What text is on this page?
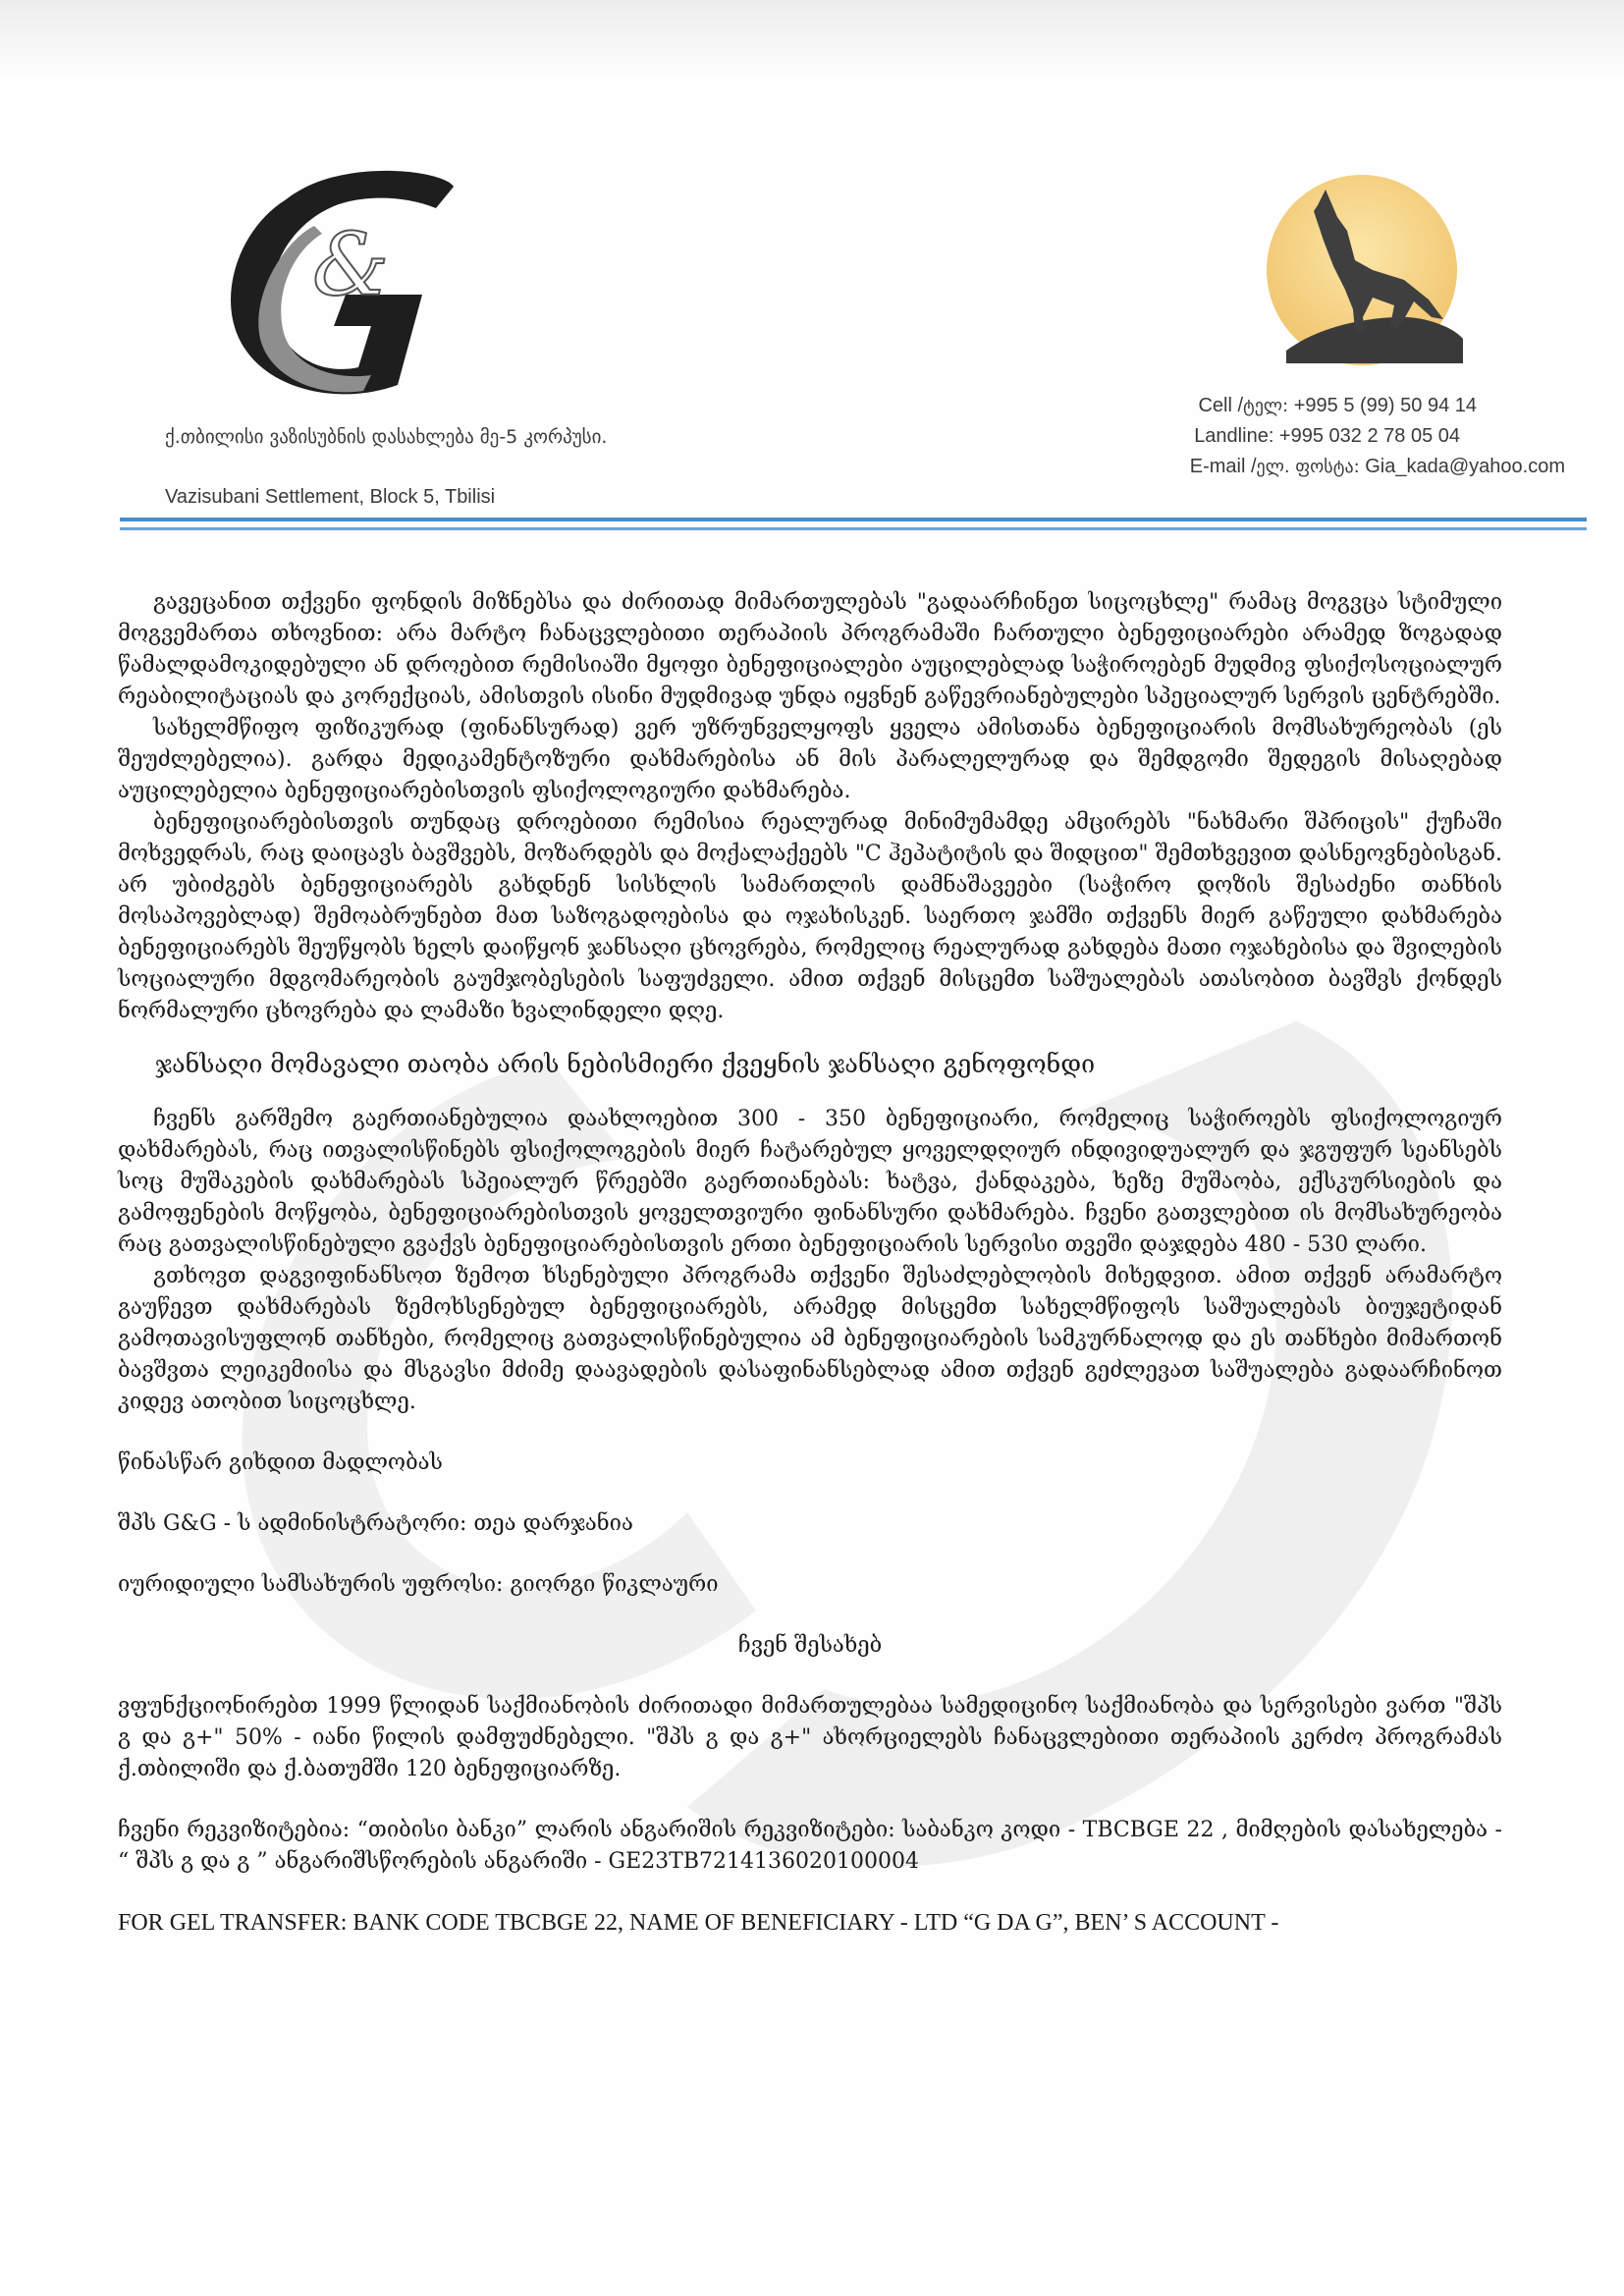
&
ქ.თბილისი ვაზისუბნის დასახლება მე-5 კორპუსი.
Vazisubani Settlement, Block 5, Tbilisi
Cell /ტელ: +995 5 (99) 50 94 14
Landline: +995 032 2 78 05 04
E-mail /ელ. ფოსტა: Gia_kada@yahoo.com

გავეცანით თქვენი ფონდის მიზნებსა და ძირითად მიმართულებას "გადაარჩინეთ სიცოცხლე" რამაც მოგვცა სტიმული მოგვემართა თხოვნით: არა მარტო ჩანაცვლებითი თერაპიის პროგრამაში ჩართული ბენეფიციარები არამედ ზოგადად წამალდამოკიდებული ან დროებით რემისიაში მყოფი ბენეფიციალები აუცილებლად საჭიროებენ მუდმივ ფსიქოსოციალურ რეაბილიტაციას და კორექციას, ამისთვის ისინი მუდმივად უნდა იყვნენ გაწევრიანებულები სპეციალურ სერვის ცენტრებში.

სახელმწიფო ფიზიკურად (ფინანსურად) ვერ უზრუნველყოფს ყველა ამისთანა ბენეფიციარის მომსახურეობას (ეს შეუძლებელია). გარდა მედიკამენტოზური დახმარებისა ან მის პარალელურად და შემდგომი შედეგის მისაღებად აუცილებელია ბენეფიციარებისთვის ფსიქოლოგიური დახმარება.

ბენეფიციარებისთვის თუნდაც დროებითი რემისია რეალურად მინიმუმამდე ამცირებს "ნახმარი შპრიცის" ქუჩაში მოხვედრას, რაც დაიცავს ბავშვებს, მოზარდებს და მოქალაქეებს "C ჰეპატიტის და შიდცით" შემთხვევით დასნეოვნებისგან. არ უბიძგებს ბენეფიციარებს გახდნენ სისხლის სამართლის დამნაშავეები (საჭირო დოზის შესაძენი თანხის მოსაპოვებლად) შემოაბრუნებთ მათ საზოგადოებისა და ოჯახისკენ. საერთო ჯამში თქვენს მიერ გაწეული დახმარება ბენეფიციარებს შეუწყობს ხელს დაიწყონ ჯანსაღი ცხოვრება, რომელიც რეალურად გახდება მათი ოჯახებისა და შვილების სოციალური მდგომარეობის გაუმჯობესების საფუძველი. ამით თქვენ მისცემთ საშუალებას ათასობით ბავშვს ქონდეს ნორმალური ცხოვრება და ლამაზი ხვალინდელი დღე.

ჯანსაღი მომავალი თაობა არის ნებისმიერი ქვეყნის ჯანსაღი გენოფონდი

ჩვენს გარშემო გაერთიანებულია დაახლოებით 300 - 350 ბენეფიციარი, რომელიც საჭიროებს ფსიქოლოგიურ დახმარებას, რაც ითვალისწინებს ფსიქოლოგების მიერ ჩატარებულ ყოველდღიურ ინდივიდუალურ და ჯგუფურ სეანსებს სოც მუშაკების დახმარებას სპეიალურ წრეებში გაერთიანებას: ხატვა, ქანდაკება, ხეზე მუშაობა, ექსკურსიების და გამოფენების მოწყობა, ბენეფიციარებისთვის ყოველთვიური ფინანსური დახმარება. ჩვენი გათვლებით ის მომსახურეობა რაც გათვალისწინებული გვაქვს ბენეფიციარებისთვის ერთი ბენეფიციარის სერვისი თვეში დაჯდება 480 - 530 ლარი.

გთხოვთ დაგვიფინანსოთ ზემოთ ხსენებული პროგრამა თქვენი შესაძლებლობის მიხედვით. ამით თქვენ არამარტო გაუწევთ დახმარებას ზემოხსენებულ ბენეფიციარებს, არამედ მისცემთ სახელმწიფოს საშუალებას ბიუჯეტიდან გამოთავისუფლონ თანხები, რომელიც გათვალისწინებულია ამ ბენეფიციარების სამკურნალოდ და ეს თანხები მიმართონ ბავშვთა ლეიკემიისა და მსგავსი მძიმე დაავადების დასაფინანსებლად ამით თქვენ გეძლევათ საშუალება გადაარჩინოთ კიდევ ათობით სიცოცხლე.

წინასწარ გიხდით მადლობას

შპს G&G - ს ადმინისტრატორი: თეა დარჯანია

იურიდიული სამსახურის უფროსი: გიორგი წიკლაური

ჩვენ შესახებ

ვფუნქციონირებთ 1999 წლიდან საქმიანობის ძირითადი მიმართულებაა სამედიცინო საქმიანობა და სერვისები ვართ "შპს გ და გ+" 50% - იანი წილის დამფუძნებელი. "შპს გ და გ+" ახორციელებს ჩანაცვლებითი თერაპიის კერძო პროგრამას ქ.თბილიში და ქ.ბათუმში 120 ბენეფიციარზე.

ჩვენი რეკვიზიტებია: “თიბისი ბანკი” ლარის ანგარიშის რეკვიზიტები: საბანკო კოდი - TBCBGE 22 , მიმღების დასახელება - “ შპს გ და გ ” ანგარიშსწორების ანგარიში - GE23TB7214136020100004

FOR GEL TRANSFER: BANK CODE TBCBGE 22, NAME OF BENEFICIARY - LTD “G DA G”, BEN’ S ACCOUNT -
